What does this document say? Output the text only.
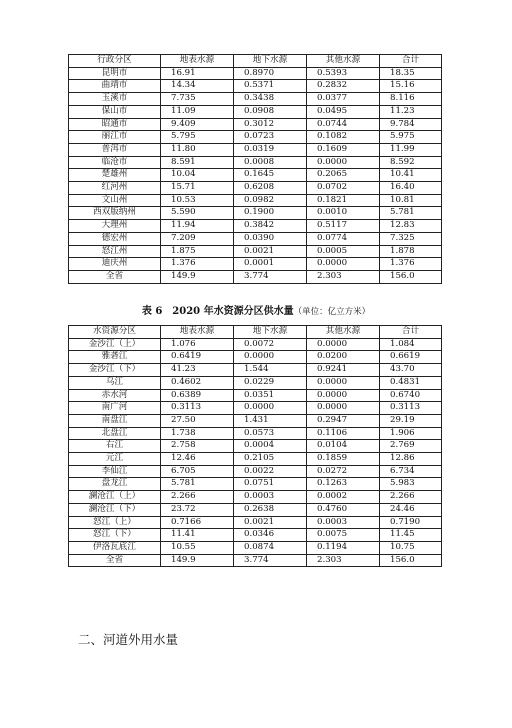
行政分区	地表水源	地下水源	其他水源	合计
昆明市	16.91	0.8970	0.5393	18.35
曲靖市	14.34	0.5371	0.2832	15.16
玉溪市	7.735	0.3438	0.0377	8.116
保山市	11.09	0.0908	0.0495	11.23
昭通市	9.409	0.3012	0.0744	9.784
丽江市	5.795	0.0723	0.1082	5.975
普洱市	11.80	0.0319	0.1609	11.99
临沧市	8.591	0.0008	0.0000	8.592
楚雄州	10.04	0.1645	0.2065	10.41
红河州	15.71	0.6208	0.0702	16.40
文山州	10.53	0.0982	0.1821	10.81
西双版纳州	5.590	0.1900	0.0010	5.781
大理州	11.94	0.3842	0.5117	12.83
德宏州	7.209	0.0390	0.0774	7.325
怒江州	1.875	0.0021	0.0005	1.878
迪庆州	1.376	0.0001	0.0000	1.376
全省	149.9	3.774	2.303	156.0
表 6　2020 年水资源分区供水量（单位：亿立方米）
水资源分区	地表水源	地下水源	其他水源	合计
金沙江（上）	1.076	0.0072	0.0000	1.084
雅砻江	0.6419	0.0000	0.0200	0.6619
金沙江（下）	41.23	1.544	0.9241	43.70
乌江	0.4602	0.0229	0.0000	0.4831
赤水河	0.6389	0.0351	0.0000	0.6740
南广河	0.3113	0.0000	0.0000	0.3113
南盘江	27.50	1.431	0.2947	29.19
北盘江	1.738	0.0573	0.1106	1.906
右江	2.758	0.0004	0.0104	2.769
元江	12.46	0.2105	0.1859	12.86
李仙江	6.705	0.0022	0.0272	6.734
盘龙江	5.781	0.0751	0.1263	5.983
澜沧江（上）	2.266	0.0003	0.0002	2.266
澜沧江（下）	23.72	0.2638	0.4760	24.46
怒江（上）	0.7166	0.0021	0.0003	0.7190
怒江（下）	11.41	0.0346	0.0075	11.45
伊洛瓦底江	10.55	0.0874	0.1194	10.75
全省	149.9	3.774	2.303	156.0
二、河道外用水量
